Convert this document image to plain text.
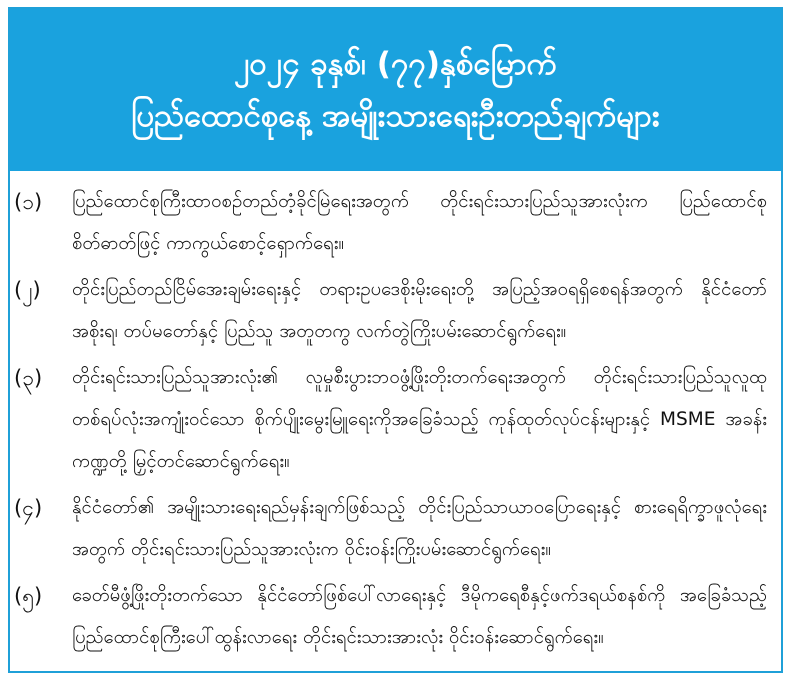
၂၀၂၄ ခုနှစ်၊ (၇၇)နှစ်မြောက်
ပြည်ထောင်စုနေ့ အမျိုးသားရေးဦးတည်ချက်များ
(၁) ပြည်ထောင်စုကြီးထာဝစဉ်တည်တံ့ခိုင်မြဲရေးအတွက် တိုင်းရင်းသားပြည်သူအားလုံးက ပြည်ထောင်စုစိတ်ဓာတ်ဖြင့် ကာကွယ်စောင့်ရှောက်ရေး။
(၂) တိုင်းပြည်တည်ငြိမ်အေးချမ်းရေးနှင့် တရားဥပဒေစိုးမိုးရေးတို့ အပြည့်အဝရရှိစေရန်အတွက် နိုင်ငံတော်အစိုးရ၊ တပ်မတော်နှင့် ပြည်သူ အတူတကွ လက်တွဲကြိုးပမ်းဆောင်ရွက်ရေး။
(၃) တိုင်းရင်းသားပြည်သူအားလုံး၏ လူမှုစီးပွားဘဝဖွံ့ဖြိုးတိုးတက်ရေးအတွက် တိုင်းရင်းသားပြည်သူလူထုတစ်ရပ်လုံးအကျုံးဝင်သော စိုက်ပျိုးမွေးမြူရေးကိုအခြေခံသည့် ကုန်ထုတ်လုပ်ငန်းများနှင့် MSME အခန်းကဏ္ဍတို့ မြှင့်တင်ဆောင်ရွက်ရေး။
(၄) နိုင်ငံတော်၏ အမျိုးသားရေးရည်မှန်းချက်ဖြစ်သည့် တိုင်းပြည်သာယာဝပြောရေးနှင့် စားရေရိက္ခာဖူလုံရေးအတွက် တိုင်းရင်းသားပြည်သူအားလုံးက ဝိုင်းဝန်းကြိုးပမ်းဆောင်ရွက်ရေး။
(၅) ခေတ်မီဖွံ့ဖြိုးတိုးတက်သော နိုင်ငံတော်ဖြစ်ပေါ်လာရေးနှင့် ဒီမိုကရေစီနှင့်ဖက်ဒရယ်စနစ်ကို အခြေခံသည့် ပြည်ထောင်စုကြီးပေါ်ထွန်းလာရေး တိုင်းရင်းသားအားလုံး ဝိုင်းဝန်းဆောင်ရွက်ရေး။
